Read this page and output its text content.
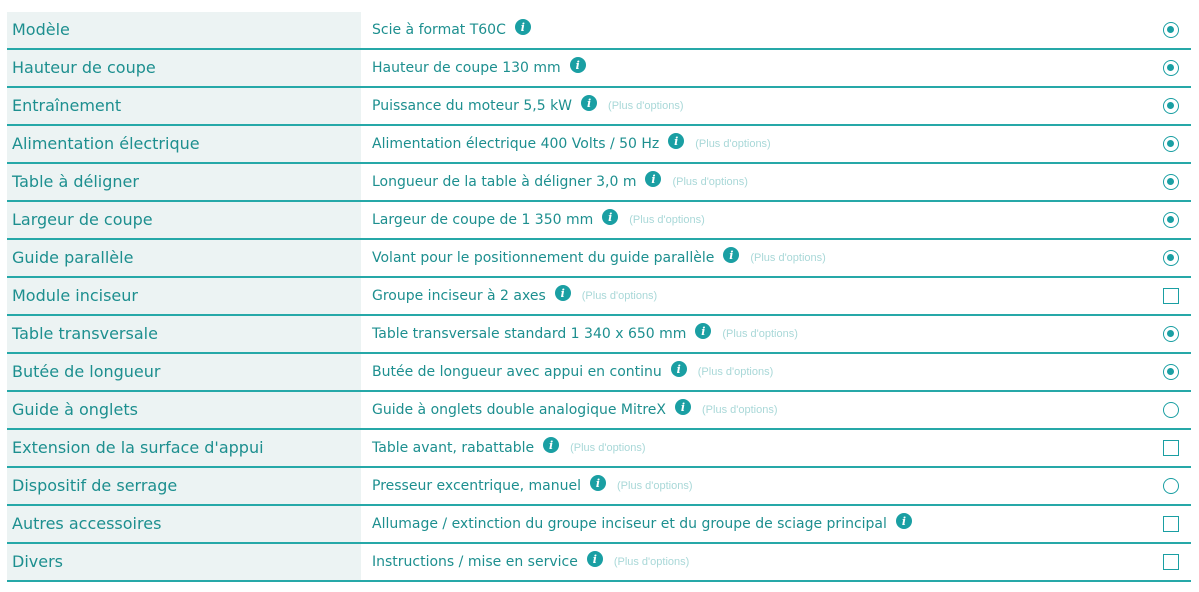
Modèle	Scie à format T60C	i
Hauteur de coupe	Hauteur de coupe 130 mm	i
Entraînement	Puissance du moteur 5,5 kW	i	(Plus d'options)
Alimentation électrique	Alimentation électrique 400 Volts / 50 Hz	i	(Plus d'options)
Table à déligner	Longueur de la table à déligner 3,0 m	i	(Plus d'options)
Largeur de coupe	Largeur de coupe de 1 350 mm	i	(Plus d'options)
Guide parallèle	Volant pour le positionnement du guide parallèle	i	(Plus d'options)
Module inciseur	Groupe inciseur à 2 axes	i	(Plus d'options)
Table transversale	Table transversale standard 1 340 x 650 mm	i	(Plus d'options)
Butée de longueur	Butée de longueur avec appui en continu	i	(Plus d'options)
Guide à onglets	Guide à onglets double analogique MitreX	i	(Plus d'options)
Extension de la surface d'appui	Table avant, rabattable	i	(Plus d'options)
Dispositif de serrage	Presseur excentrique, manuel	i	(Plus d'options)
Autres accessoires	Allumage / extinction du groupe inciseur et du groupe de sciage principal	i
Divers	Instructions / mise en service	i	(Plus d'options)
